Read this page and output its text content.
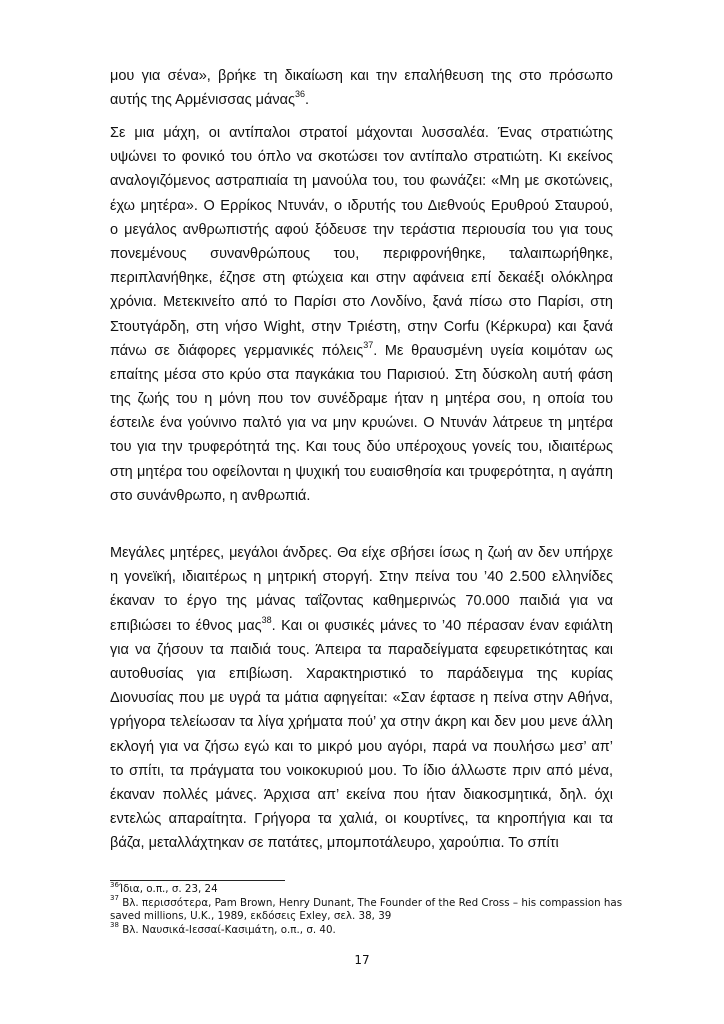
μου για σένα», βρήκε τη δικαίωση και την επαλήθευση της στο πρόσωπο
αυτής της Αρμένισσας μάνας$^{36}$.
Σε μια μάχη, οι αντίπαλοι στρατοί μάχονται λυσσαλέα. Ένας στρατιώτης
υψώνει το φονικό του όπλο να σκοτώσει τον αντίπαλο στρατιώτη. Κι εκείνος
αναλογιζόμενος αστραπιαία τη μανούλα του, του φωνάζει: «Μη με σκοτώνεις,
έχω μητέρα». Ο Ερρίκος Ντυνάν, ο ιδρυτής του Διεθνούς Ερυθρού Σταυρού,
ο μεγάλος ανθρωπιστής αφού ξόδευσε την τεράστια περιουσία του για τους
πονεμένους συνανθρώπους του, περιφρονήθηκε, ταλαιπωρήθηκε,
περιπλανήθηκε, έζησε στη φτώχεια και στην αφάνεια επί δεκαέξι ολόκληρα
χρόνια. Μετεκινείτο από το Παρίσι στο Λονδίνο, ξανά πίσω στο Παρίσι, στη
Στουτγάρδη, στη νήσο Wight, στην Τριέστη, στην Corfu (Κέρκυρα) και ξανά
πάνω σε διάφορες γερμανικές πόλεις$^{37}$. Με θραυσμένη υγεία κοιμόταν ως
επαίτης μέσα στο κρύο στα παγκάκια του Παρισιού. Στη δύσκολη αυτή φάση
της ζωής του η μόνη που τον συνέδραμε ήταν η μητέρα σου, η οποία του
έστειλε ένα γούνινο παλτό για να μην κρυώνει. Ο Ντυνάν λάτρευε τη μητέρα
του για την τρυφερότητά της. Και τους δύο υπέροχους γονείς του, ιδιαιτέρως
στη μητέρα του οφείλονται η ψυχική του ευαισθησία και τρυφερότητα, η αγάπη
στο συνάνθρωπο, η ανθρωπιά.
Μεγάλες μητέρες, μεγάλοι άνδρες. Θα είχε σβήσει ίσως η ζωή αν δεν υπήρχε
η γονεϊκή, ιδιαιτέρως η μητρική στοργή. Στην πείνα του ’40 2.500 ελληνίδες
έκαναν το έργο της μάνας ταΐζοντας καθημερινώς 70.000 παιδιά για να
επιβιώσει το έθνος μας$^{38}$. Και οι φυσικές μάνες το ’40 πέρασαν έναν εφιάλτη
για να ζήσουν τα παιδιά τους. Άπειρα τα παραδείγματα εφευρετικότητας και
αυτοθυσίας για επιβίωση. Χαρακτηριστικό το παράδειγμα της κυρίας
Διονυσίας που με υγρά τα μάτια αφηγείται: «Σαν έφτασε η πείνα στην Αθήνα,
γρήγορα τελείωσαν τα λίγα χρήματα πού’ χα στην άκρη και δεν μου μενε άλλη
εκλογή για να ζήσω εγώ και το μικρό μου αγόρι, παρά να πουλήσω μεσ’ απ’
το σπίτι, τα πράγματα του νοικοκυριού μου. Το ίδιο άλλωστε πριν από μένα,
έκαναν πολλές μάνες. Άρχισα απ’ εκείνα που ήταν διακοσμητικά, δηλ. όχι
εντελώς απαραίτητα. Γρήγορα τα χαλιά, οι κουρτίνες, τα κηροπήγια και τα
βάζα, μεταλλάχτηκαν σε πατάτες, μπομποτάλευρο, χαρούπια. Το σπίτι
$^{36}$Ίδια, ο.π., σ. 23, 24
$^{37}$ Βλ. περισσότερα, Pam Brown, Henry Dunant, The Founder of the Red Cross – his compassion has
saved millions, U.K., 1989, εκδόσεις Exley, σελ. 38, 39
$^{38}$ Βλ. Ναυσικά-Ιεσσαί-Κασιμάτη, ο.π., σ. 40.
17
